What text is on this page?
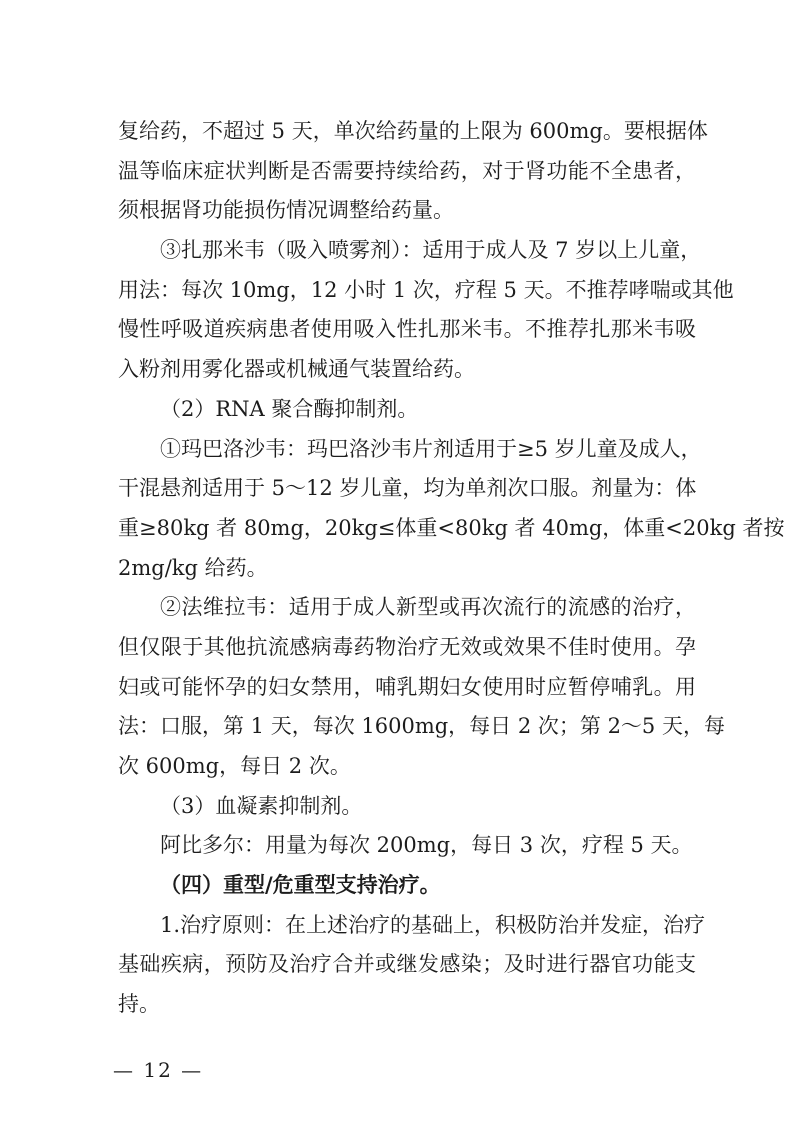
复给药，不超过 5 天，单次给药量的上限为 600mg。要根据体
温等临床症状判断是否需要持续给药，对于肾功能不全患者，
须根据肾功能损伤情况调整给药量。
③扎那米韦（吸入喷雾剂）：适用于成人及 7 岁以上儿童，
用法：每次 10mg，12 小时 1 次，疗程 5 天。不推荐哮喘或其他
慢性呼吸道疾病患者使用吸入性扎那米韦。不推荐扎那米韦吸
入粉剂用雾化器或机械通气装置给药。
（2）RNA 聚合酶抑制剂。
①玛巴洛沙韦：玛巴洛沙韦片剂适用于≥5 岁儿童及成人，
干混悬剂适用于 5～12 岁儿童，均为单剂次口服。剂量为：体
重≥80kg 者 80mg，20kg≤体重<80kg 者 40mg，体重<20kg 者按
2mg/kg 给药。
②法维拉韦：适用于成人新型或再次流行的流感的治疗，
但仅限于其他抗流感病毒药物治疗无效或效果不佳时使用。孕
妇或可能怀孕的妇女禁用，哺乳期妇女使用时应暂停哺乳。用
法：口服，第 1 天，每次 1600mg，每日 2 次；第 2～5 天，每
次 600mg，每日 2 次。
（3）血凝素抑制剂。
阿比多尔：用量为每次 200mg，每日 3 次，疗程 5 天。
（四）重型/危重型支持治疗。
1.治疗原则：在上述治疗的基础上，积极防治并发症，治疗
基础疾病，预防及治疗合并或继发感染；及时进行器官功能支
持。
— 12 —
